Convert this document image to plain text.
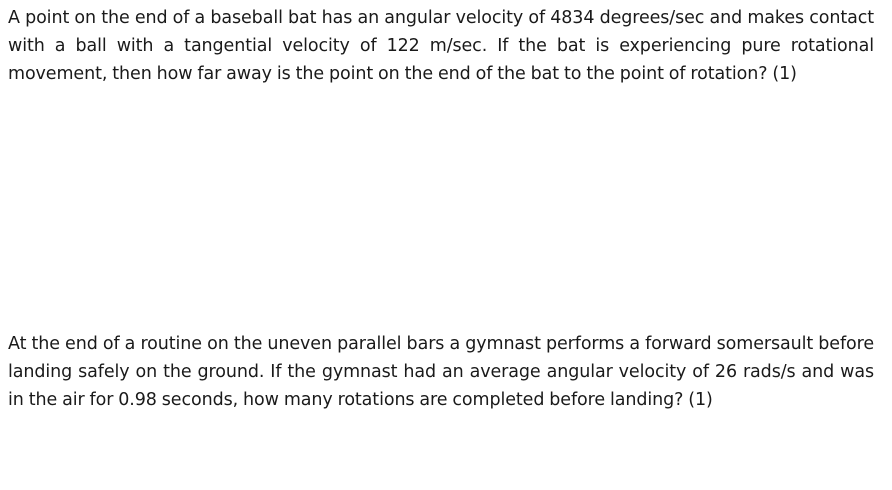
A point on the end of a baseball bat has an angular velocity of 4834 degrees/sec and makes contact with a ball with a tangential velocity of 122 m/sec. If the bat is experiencing pure rotational movement, then how far away is the point on the end of the bat to the point of rotation? (1)
At the end of a routine on the uneven parallel bars a gymnast performs a forward somersault before landing safely on the ground. If the gymnast had an average angular velocity of 26 rads/s and was in the air for 0.98 seconds, how many rotations are completed before landing? (1)
